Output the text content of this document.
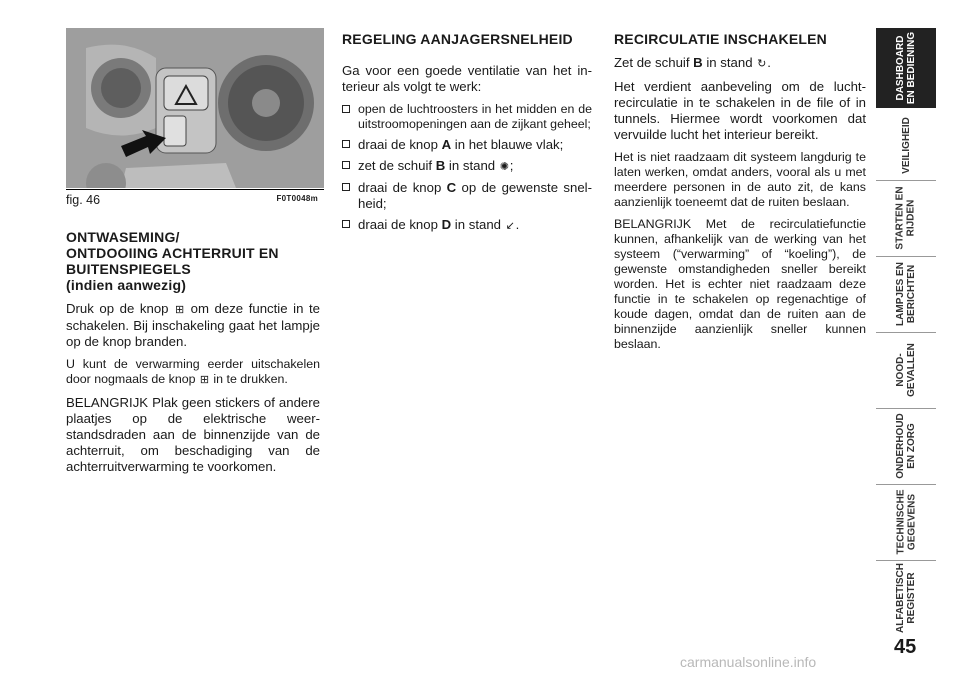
fig. 46	F0T0048m
ONTWASEMING/
ONTDOOIING ACHTERRUIT EN
BUITENSPIEGELS
(indien aanwezig)

Druk op de knop ⊞ om deze functie in te schakelen. Bij inschakeling gaat het lampje op de knop branden.

U kunt de verwarming eerder uitschakelen door nogmaals de knop ⊞ in te drukken.

BELANGRIJK Plak geen stickers of andere plaatjes op de elektrische weerstandsdraden aan de binnenzijde van de achterruit, om beschadiging van de achterruitverwarming te voorkomen.

REGELING AANJAGERSNELHEID

Ga voor een goede ventilatie van het interieur als volgt te werk:

open de luchtroosters in het midden en de uitstroomopeningen aan de zijkant geheel;
draai de knop A in het blauwe vlak;
zet de schuif B in stand ✺;
draai de knop C op de gewenste snelheid;
draai de knop D in stand ↙.
RECIRCULATIE INSCHAKELEN

Zet de schuif B in stand ↻.

Het verdient aanbeveling om de luchtrecirculatie in te schakelen in de file of in tunnels. Hiermee wordt voorkomen dat vervuilde lucht het interieur bereikt.

Het is niet raadzaam dit systeem langdurig te laten werken, omdat anders, vooral als u met meerdere personen in de auto zit, de kans aanzienlijk toeneemt dat de ruiten beslaan.

BELANGRIJK Met de recirculatiefunctie kunnen, afhankelijk van de werking van het systeem (“verwarming” of “koeling”), de gewenste omstandigheden sneller bereikt worden. Het is echter niet raadzaam deze functie in te schakelen op regenachtige of koude dagen, omdat dan de ruiten aan de binnenzijde aanzienlijk sneller kunnen beslaan.

DASHBOARD
EN BEDIENING
VEILIGHEID
STARTEN EN
RIJDEN
LAMPJES EN
BERICHTEN
NOOD-
GEVALLEN
ONDERHOUD
EN ZORG
TECHNISCHE
GEGEVENS
ALFABETISCH
REGISTER
45
carmanualsonline.info
